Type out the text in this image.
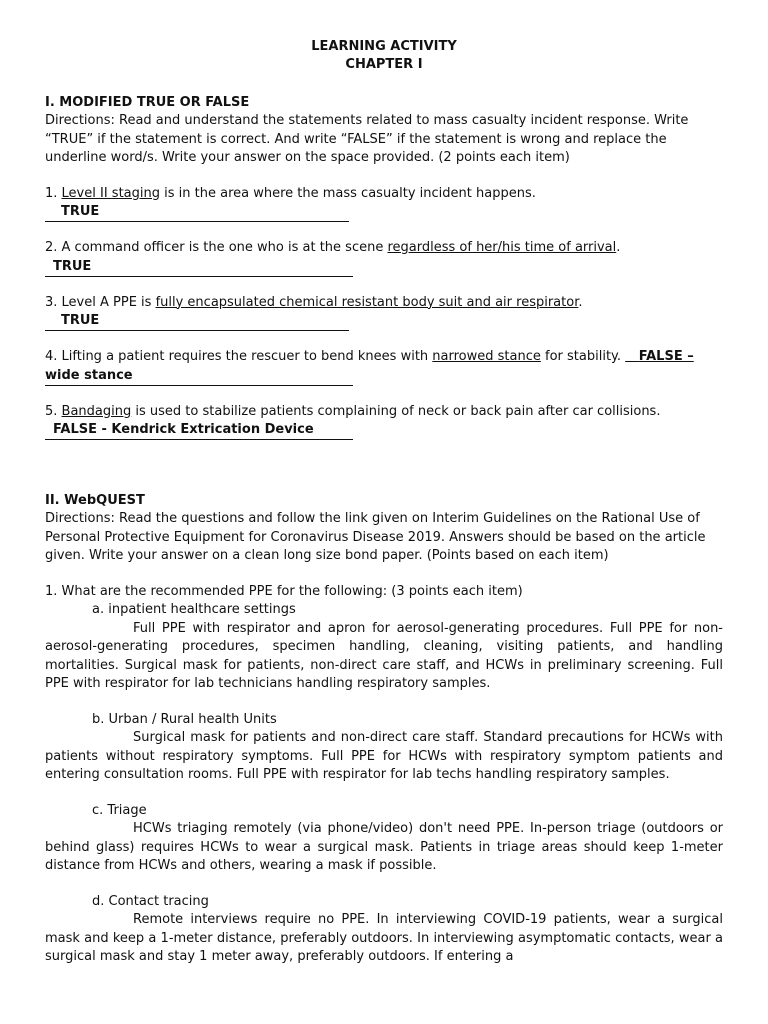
LEARNING ACTIVITY
CHAPTER I
I. MODIFIED TRUE OR FALSE
Directions: Read and understand the statements related to mass casualty incident response. Write “TRUE” if the statement is correct. And write “FALSE” if the statement is wrong and replace the underline word/s. Write your answer on the space provided. (2 points each item)
1. Level II staging is in the area where the mass casualty incident happens.
TRUE
2. A command officer is the one who is at the scene regardless of her/his time of arrival.
TRUE
3. Level A PPE is fully encapsulated chemical resistant body suit and air respirator.
TRUE
4. Lifting a patient requires the rescuer to bend knees with narrowed stance for stability.    FALSE –
wide stance
5. Bandaging is used to stabilize patients complaining of neck or back pain after car collisions.
FALSE - Kendrick Extrication Device
II. WebQUEST
Directions: Read the questions and follow the link given on Interim Guidelines on the Rational Use of Personal Protective Equipment for Coronavirus Disease 2019. Answers should be based on the article given. Write your answer on a clean long size bond paper. (Points based on each item)
1. What are the recommended PPE for the following: (3 points each item)
a. inpatient healthcare settings
Full PPE with respirator and apron for aerosol-generating procedures. Full PPE for non-aerosol-generating procedures, specimen handling, cleaning, visiting patients, and handling mortalities. Surgical mask for patients, non-direct care staff, and HCWs in preliminary screening. Full PPE with respirator for lab technicians handling respiratory samples.
b. Urban / Rural health Units
Surgical mask for patients and non-direct care staff. Standard precautions for HCWs with patients without respiratory symptoms. Full PPE for HCWs with respiratory symptom patients and entering consultation rooms. Full PPE with respirator for lab techs handling respiratory samples.
c. Triage
HCWs triaging remotely (via phone/video) don't need PPE. In-person triage (outdoors or behind glass) requires HCWs to wear a surgical mask. Patients in triage areas should keep 1-meter distance from HCWs and others, wearing a mask if possible.
d. Contact tracing
Remote interviews require no PPE. In interviewing COVID-19 patients, wear a surgical mask and keep a 1-meter distance, preferably outdoors. In interviewing asymptomatic contacts, wear a surgical mask and stay 1 meter away, preferably outdoors. If entering a
